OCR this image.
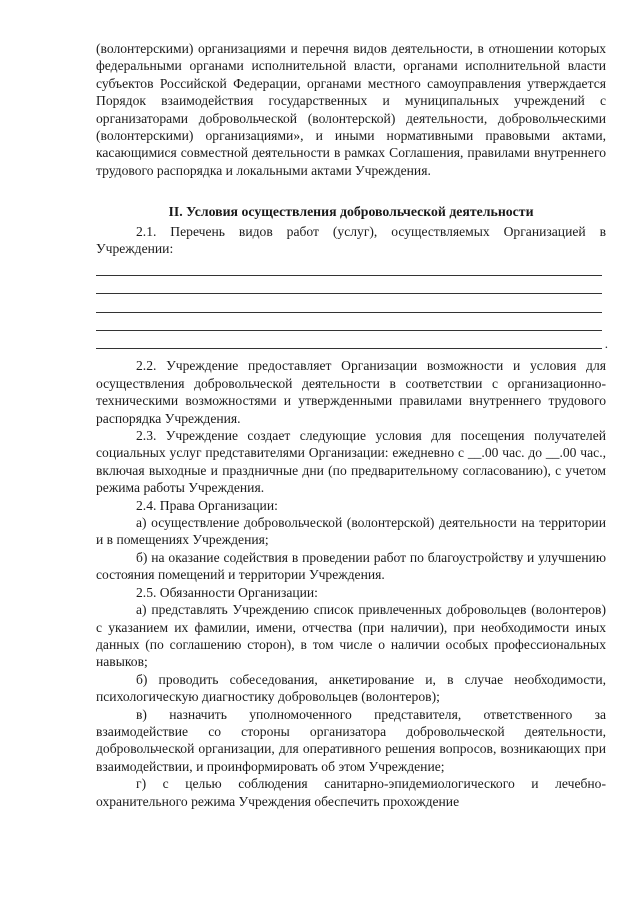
(волонтерскими) организациями и перечня видов деятельности, в отношении которых федеральными органами исполнительной власти, органами исполнительной власти субъектов Российской Федерации, органами местного самоуправления утверждается Порядок взаимодействия государственных и муниципальных учреждений с организаторами добровольческой (волонтерской) деятельности, добровольческими (волонтерскими) организациями», и иными нормативными правовыми актами, касающимися совместной деятельности в рамках Соглашения, правилами внутреннего трудового распорядка и локальными актами Учреждения.

II. Условия осуществления добровольческой деятельности

2.1. Перечень видов работ (услуг), осуществляемых Организацией в Учреждении:

.

2.2. Учреждение предоставляет Организации возможности и условия для осуществления добровольческой деятельности в соответствии с организационно-техническими возможностями и утвержденными правилами внутреннего трудового распорядка Учреждения.

2.3. Учреждение создает следующие условия для посещения получателей социальных услуг представителями Организации: ежедневно с __.00 час. до __.00 час., включая выходные и праздничные дни (по предварительному согласованию), с учетом режима работы Учреждения.

2.4. Права Организации:

а) осуществление добровольческой (волонтерской) деятельности на территории и в помещениях Учреждения;

б) на оказание содействия в проведении работ по благоустройству и улучшению состояния помещений и территории Учреждения.

2.5. Обязанности Организации:

а) представлять Учреждению список привлеченных добровольцев (волонтеров) с указанием их фамилии, имени, отчества (при наличии), при необходимости иных данных (по соглашению сторон), в том числе о наличии особых профессиональных навыков;

б) проводить собеседования, анкетирование и, в случае необходимости, психологическую диагностику добровольцев (волонтеров);

в) назначить уполномоченного представителя, ответственного за взаимодействие со стороны организатора добровольческой деятельности, добровольческой организации, для оперативного решения вопросов, возникающих при взаимодействии, и проинформировать об этом Учреждение;

г) с целью соблюдения санитарно-эпидемиологического и лечебно-охранительного режима Учреждения обеспечить прохождение
